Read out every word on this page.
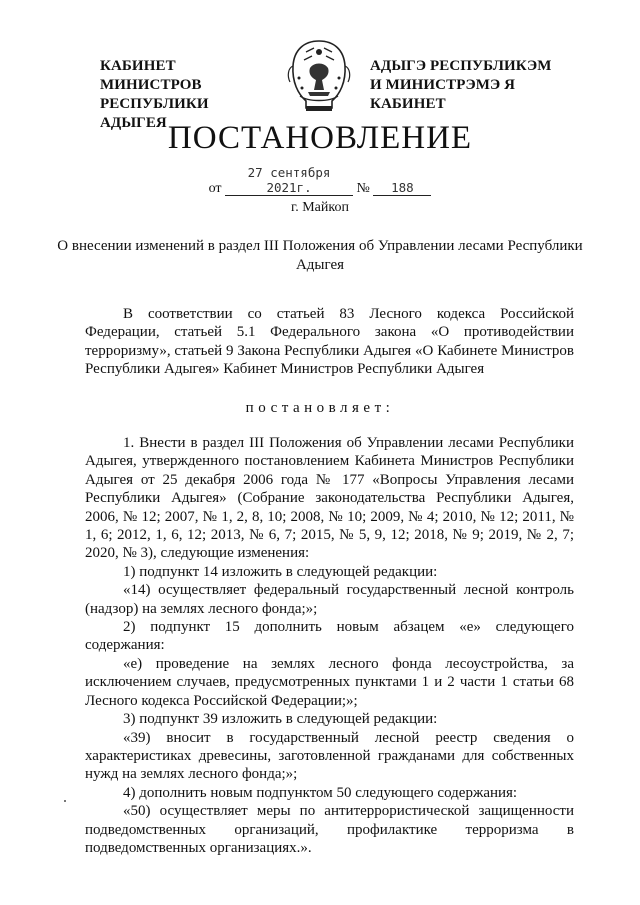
КАБИНЕТ МИНИСТРОВ
РЕСПУБЛИКИ АДЫГЕЯ
АДЫГЭ РЕСПУБЛИКЭМ
И МИНИСТРЭМЭ Я КАБИНЕТ
ПОСТАНОВЛЕНИЕ
от 27 сентября 2021г.	№ 188
г. Майкоп
О внесении изменений в раздел III Положения об Управлении лесами Республики Адыгея
В соответствии со статьей 83 Лесного кодекса Российской Федерации, статьей 5.1 Федерального закона «О противодействии терроризму», статьей 9 Закона Республики Адыгея «О Кабинете Министров Республики Адыгея» Кабинет Министров Республики Адыгея
постановляет:

1. Внести в раздел III Положения об Управлении лесами Республики Адыгея, утвержденного постановлением Кабинета Министров Республики Адыгея от 25 декабря 2006 года № 177 «Вопросы Управления лесами Республики Адыгея» (Собрание законодательства Республики Адыгея, 2006, № 12; 2007, № 1, 2, 8, 10; 2008, № 10; 2009, № 4; 2010, № 12; 2011, № 1, 6; 2012, 1, 6, 12; 2013, № 6, 7; 2015, № 5, 9, 12; 2018, № 9; 2019, № 2, 7; 2020, № 3), следующие изменения:

1) подпункт 14 изложить в следующей редакции:

«14) осуществляет федеральный государственный лесной контроль (надзор) на землях лесного фонда;»;

2) подпункт 15 дополнить новым абзацем «е» следующего содержания:

«е) проведение на землях лесного фонда лесоустройства, за исключением случаев, предусмотренных пунктами 1 и 2 части 1 статьи 68 Лесного кодекса Российской Федерации;»;

3) подпункт 39 изложить в следующей редакции:

«39) вносит в государственный лесной реестр сведения о характеристиках древесины, заготовленной гражданами для собственных нужд на землях лесного фонда;»;

4) дополнить новым подпунктом 50 следующего содержания:

«50) осуществляет меры по антитеррористической защищенности подведомственных организаций, профилактике терроризма в подведомственных организациях.».
